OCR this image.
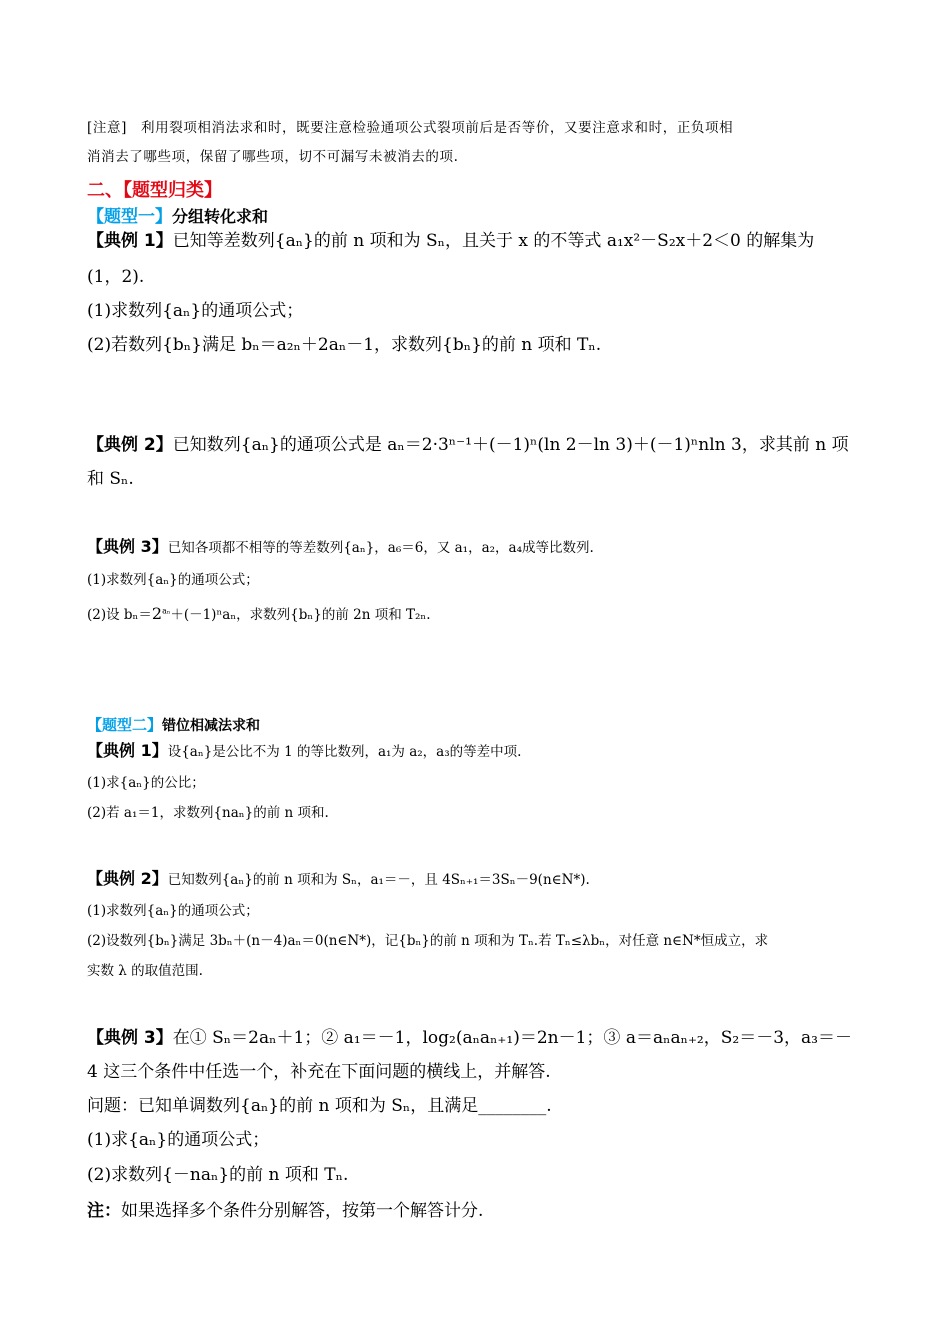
[注意]　利用裂项相消法求和时，既要注意检验通项公式裂项前后是否等价，又要注意求和时，正负项相
消消去了哪些项，保留了哪些项，切不可漏写未被消去的项.
二、【题型归类】
【题型一】分组转化求和
【典例 1】已知等差数列{aₙ}的前 n 项和为 Sₙ，且关于 x 的不等式 a₁x²－S₂x＋2＜0 的解集为
(1，2).
(1)求数列{aₙ}的通项公式；
(2)若数列{bₙ}满足 bₙ＝a₂ₙ＋2aₙ－1，求数列{bₙ}的前 n 项和 Tₙ.
【典例 2】已知数列{aₙ}的通项公式是 aₙ＝2·3ⁿ⁻¹＋(－1)ⁿ(ln 2－ln 3)＋(－1)ⁿnln 3，求其前 n 项
和 Sₙ.
【典例 3】已知各项都不相等的等差数列{aₙ}，a₆＝6，又 a₁，a₂，a₄成等比数列.
(1)求数列{aₙ}的通项公式；
(2)设 $b_n=2^{a_n}+(-1)^na_n$，求数列{bₙ}的前 2n 项和 T₂ₙ.
【题型二】错位相减法求和
【典例 1】设{aₙ}是公比不为 1 的等比数列，a₁为 a₂，a₃的等差中项.
(1)求{aₙ}的公比；
(2)若 a₁＝1，求数列{naₙ}的前 n 项和.
【典例 2】已知数列{aₙ}的前 n 项和为 Sₙ，a₁＝－，且 4Sₙ₊₁＝3Sₙ－9(n∈N*).
(1)求数列{aₙ}的通项公式；
(2)设数列{bₙ}满足 3bₙ＋(n－4)aₙ＝0(n∈N*)，记{bₙ}的前 n 项和为 Tₙ.若 Tₙ≤λbₙ，对任意 n∈N*恒成立，求
实数 λ 的取值范围.
【典例 3】在① Sₙ＝2aₙ＋1；② a₁＝－1，log₂(aₙaₙ₊₁)＝2n－1；③ a＝aₙaₙ₊₂，S₂＝－3，a₃＝－
4 这三个条件中任选一个，补充在下面问题的横线上，并解答.
问题：已知单调数列{aₙ}的前 n 项和为 Sₙ，且满足________.
(1)求{aₙ}的通项公式；
(2)求数列{－naₙ}的前 n 项和 Tₙ.
注：如果选择多个条件分别解答，按第一个解答计分.
